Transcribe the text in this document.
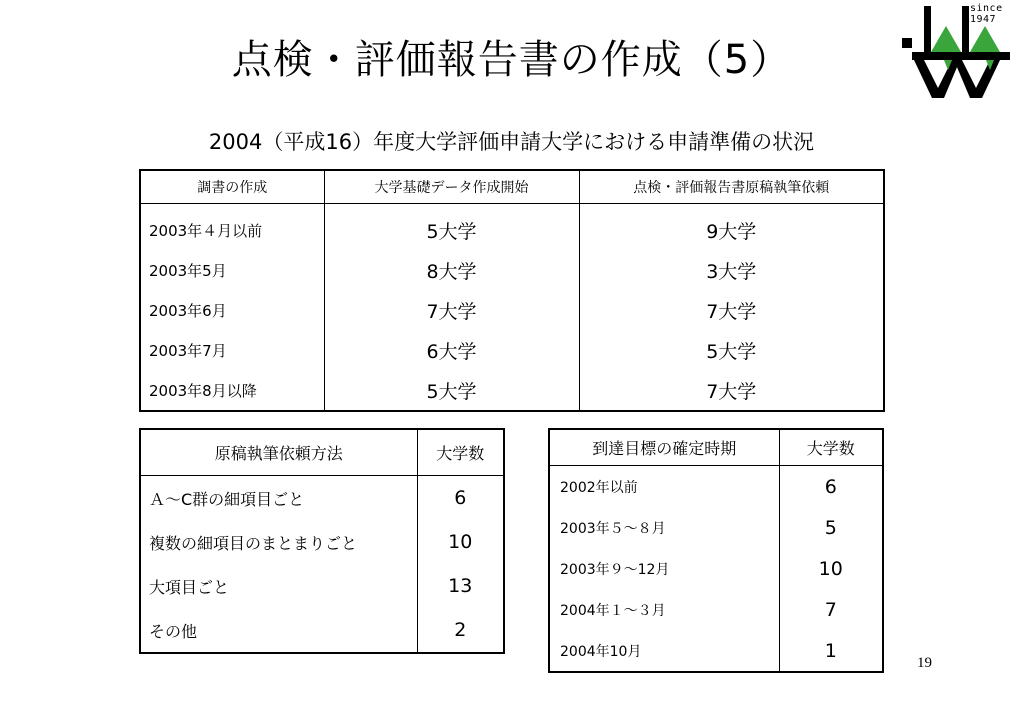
点検・評価報告書の作成（5）
since 1947
2004（平成16）年度大学評価申請大学における申請準備の状況
調書の作成	大学基礎データ作成開始	点検・評価報告書原稿執筆依頼
2003年４月以前	5大学	9大学
2003年5月	8大学	3大学
2003年6月	7大学	7大学
2003年7月	6大学	5大学
2003年8月以降	5大学	7大学
原稿執筆依頼方法	大学数
Ａ～C群の細項目ごと	6
複数の細項目のまとまりごと	10
大項目ごと	13
その他	2
到達目標の確定時期	大学数
2002年以前	6
2003年５～８月	5
2003年９～12月	10
2004年１～３月	7
2004年10月	1
19
